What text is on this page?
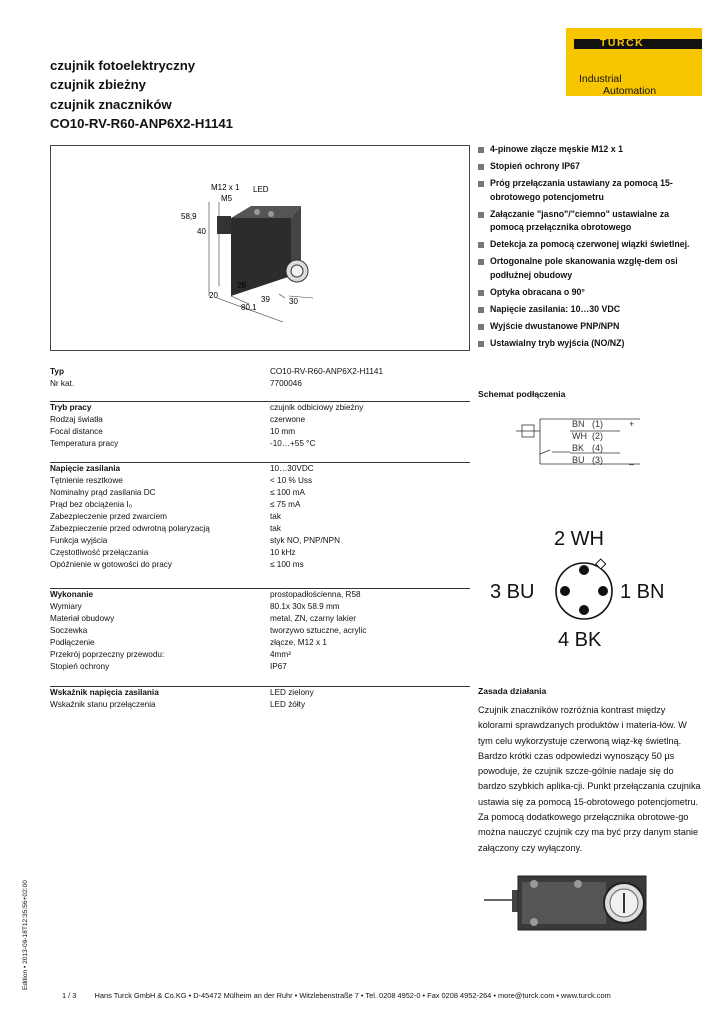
czujnik fotoelektryczny
czujnik zbieżny
czujnik znaczników
CO10-RV-R60-ANP6X2-H1141
TURCK
Industrial
Automation
M12 x 1
M5
LED
58,9
40
28
20	39 30
80,1
4-pinowe złącze męskie M12 x 1
Stopień ochrony IP67
Próg przełączania ustawiany za pomocą 15-obrotowego potencjometru
Załączanie "jasno"/"ciemno" ustawialne za pomocą przełącznika obrotowego
Detekcja za pomocą czerwonej wiązki świetlnej.
Ortogonalne pole skanowania wzglę-dem osi podłużnej obudowy
Optyka obracana o 90°
Napięcie zasilania: 10…30 VDC
Wyjście dwustanowe PNP/NPN
Ustawialny tryb wyjścia (NO/NZ)
Typ	CO10-RV-R60-ANP6X2-H1141
Nr kat.	7700046
Tryb pracy	czujnik odbiciowy zbieżny
Rodzaj światła	czerwone
Focal distance	10 mm
Temperatura pracy	-10…+55 °C
Napięcie zasilania	10…30VDC
Tętnienie resztkowe	< 10 % Uss
Nominalny prąd zasilania DC	≤ 100 mA
Prąd bez obciążenia I₀	≤ 75 mA
Zabezpieczenie przed zwarciem	tak
Zabezpieczenie przed odwrotną polaryzacją	tak
Funkcja wyjścia	styk NO, PNP/NPN
Częstotliwość przełączania	10 kHz
Opóźnienie w gotowości do pracy	≤ 100 ms
Wykonanie	prostopadłościenna, R58
Wymiary	80.1x 30x 58.9 mm
Materiał obudowy	metal, ZN, czarny lakier
Soczewka	tworzywo sztuczne, acrylic
Podłączenie	złącze, M12 x 1
Przekrój poprzeczny przewodu:	4mm²
Stopień ochrony	IP67
Wskaźnik napięcia zasilania	LED zielony
Wskaźnik stanu przełączenia	LED żółty
Schemat podłączenia
BN (1)
WH (2)
BK (4)
BU (3)
+
–
2 WH
3 BU	1 BN
4 BK
Zasada działania
Czujnik znaczników rozróżnia kontrast między kolorami sprawdzanych produktów i materia-łów. W tym celu wykorzystuje czerwoną wiąz-kę świetlną. Bardzo krótki czas odpowiedzi wynoszący 50 µs powoduje, że czujnik szcze-gólnie nadaje się do bardzo szybkich aplika-cji. Punkt przełączania czujnika ustawia się za pomocą 15-obrotowego potencjometru. Za pomocą dodatkowego przełącznika obrotowe-go można nauczyć czujnik czy ma być przy danym stanie załączony czy wyłączony.
Edition • 2013-09-18T12:35:56+02:00
1 / 3 Hans Turck GmbH & Co.KG • D-45472 Mülheim an der Ruhr • Witzlebenstraße 7 • Tel. 0208 4952-0 • Fax 0208 4952-264 • more@turck.com • www.turck.com
